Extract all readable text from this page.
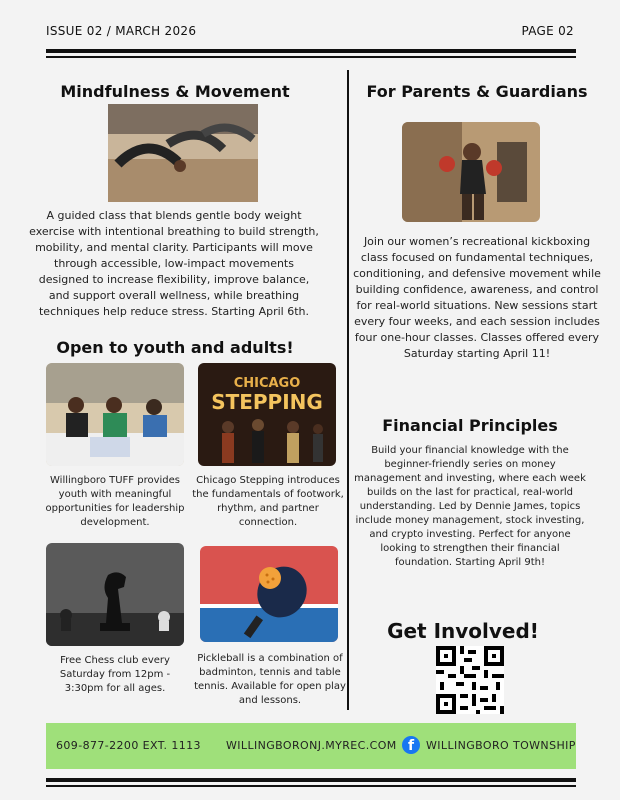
ISSUE 02 / MARCH 2026	PAGE 02
Mindfulness & Movement
A guided class that blends gentle body weight exercise with intentional breathing to build strength, mobility, and mental clarity. Participants will move through accessible, low-impact movements designed to increase flexibility, improve balance, and support overall wellness, while breathing techniques help reduce stress. Starting April 6th.
Open to youth and adults!
Willingboro TUFF provides youth with meaningful opportunities for leadership development.
CHICAGO
STEPPING
Chicago Stepping introduces the fundamentals of footwork, rhythm, and partner connection.
Free Chess club every Saturday from 12pm - 3:30pm for all ages.
Pickleball is a combination of badminton, tennis and table tennis. Available for open play and lessons.
For Parents & Guardians
Join our women’s recreational kickboxing class focused on fundamental techniques, conditioning, and defensive movement while building confidence, awareness, and control for real-world situations. New sessions start every four weeks, and each session includes four one-hour classes. Classes offered every Saturday starting April 11!
Financial Principles
Build your financial knowledge with the beginner-friendly series on money management and investing, where each week builds on the last for practical, real-world understanding. Led by Dennie James, topics include money management, stock investing, and crypto investing. Perfect for anyone looking to strengthen their financial foundation. Starting April 9th!
Get Involved!
609-877-2200 EXT. 1113 WILLINGBORONJ.MYREC.COM f	WILLINGBORO TOWNSHIP
